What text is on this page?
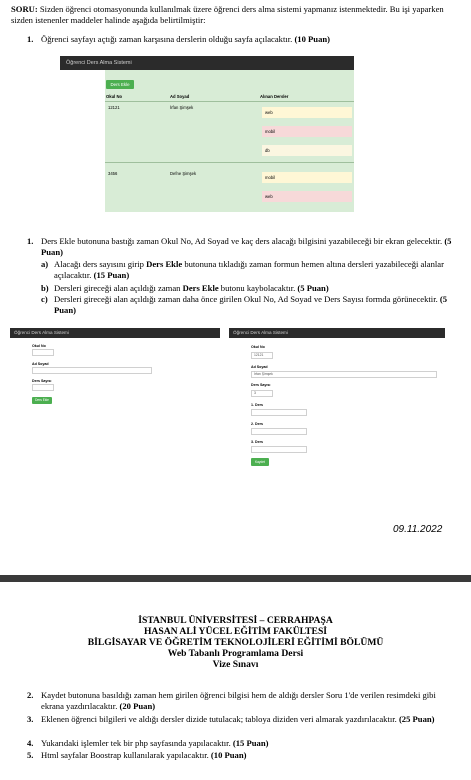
SORU: Sizden öğrenci otomasyonunda kullanılmak üzere öğrenci ders alma sistemi yapmanız istenmektedir. Bu işi yaparken sizden istenenler maddeler halinde aşağıda belirtilmiştir:
1. Öğrenci sayfayı açtığı zaman karşısına derslerin olduğu sayfa açılacaktır. (10 Puan)
Öğrenci Ders Alma Sistemi
Ders Ekle
Okul No	Ad Soyad	Alınan Dersler
12121	İrfan Şimşek
web
mobil
db
3456	Defne Şimşek
mobil
web
1. Ders Ekle butonuna bastığı zaman Okul No, Ad Soyad ve kaç ders alacağı bilgisini yazabileceği bir ekran gelecektir. (5 Puan)
a) Alacağı ders sayısını girip Ders Ekle butonuna tıkladığı zaman formun hemen altına dersleri yazabileceği alanlar açılacaktır. (15 Puan)
b) Dersleri gireceği alan açıldığı zaman Ders Ekle butonu kaybolacaktır. (5 Puan)
c) Dersleri gireceği alan açıldığı zaman daha önce girilen Okul No, Ad Soyad ve Ders Sayısı formda görünecektir. (5 Puan)
Öğrenci Ders Alma Sistemi
Okul No
Ad Soyad
Ders Sayısı
Ders Ekle
Öğrenci Ders Alma Sistemi
Okul No
12121
Ad Soyad
İrfan Şimşek
Ders Sayısı
3
1. Ders
2. Ders
3. Ders
Kaydet
09.11.2022
İSTANBUL ÜNİVERSİTESİ – CERRAHPAŞA
HASAN ALİ YÜCEL EĞİTİM FAKÜLTESİ
BİLGİSAYAR VE ÖĞRETİM TEKNOLOJİLERİ EĞİTİMİ BÖLÜMÜ
Web Tabanlı Programlama Dersi
Vize Sınavı
2. Kaydet butonuna basıldığı zaman hem girilen öğrenci bilgisi hem de aldığı dersler Soru 1'de verilen resimdeki gibi ekrana yazdırılacaktır. (20 Puan)
3. Eklenen öğrenci bilgileri ve aldığı dersler dizide tutulacak; tabloya diziden veri almarak yazdırılacaktır. (25 Puan)
4. Yukarıdaki işlemler tek bir php sayfasında yapılacaktır. (15 Puan)
5. Html sayfalar Boostrap kullanılarak yapılacaktır. (10 Puan)
